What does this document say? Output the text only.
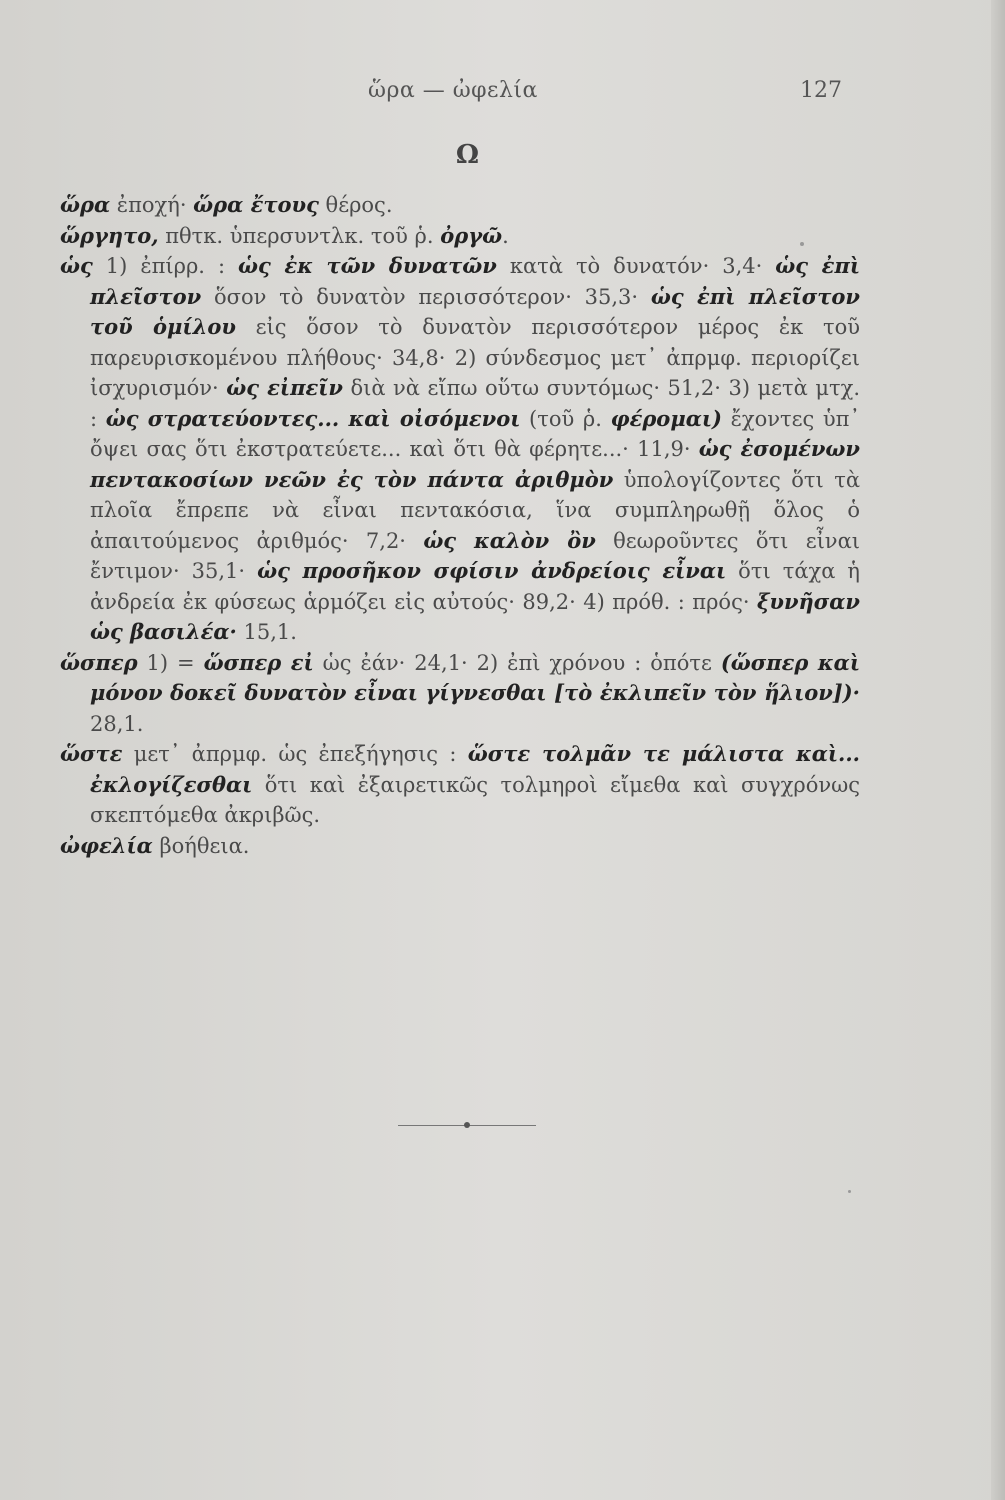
ὥρα — ὠφελία	127
Ω

ὥρα ἐποχή· ὥρα ἔτους θέρος.

ὥργητο, πθτκ. ὑπερσυντλκ. τοῦ ῥ. ὀργῶ.

ὡς 1) ἐπίρρ. : ὡς ἐκ τῶν δυνατῶν κατὰ τὸ δυνατόν· 3,4· ὡς ἐπὶ πλεῖστον ὅσον τὸ δυνατὸν περισσότερον· 35,3· ὡς ἐπὶ πλεῖστον τοῦ ὁμίλου εἰς ὅσον τὸ δυνατὸν περισσότερον μέρος ἐκ τοῦ παρευρισκομένου πλήθους· 34,8· 2) σύνδεσμος μετ᾿ ἀπρμφ. περιορίζει ἰσχυρισμόν· ὡς εἰπεῖν διὰ νὰ εἴπω οὕτω συντόμως· 51,2· 3) μετὰ μτχ. : ὡς στρατεύοντες... καὶ οἰσόμενοι (τοῦ ῥ. φέρομαι) ἔχοντες ὑπ᾿ ὄψει σας ὅτι ἐκστρατεύετε... καὶ ὅτι θὰ φέρητε...· 11,9· ὡς ἐσομένων πεντακοσίων νεῶν ἐς τὸν πάντα ἀριθμὸν ὑπολογίζοντες ὅτι τὰ πλοῖα ἔπρεπε νὰ εἶναι πεντακόσια, ἵνα συμπληρωθῇ ὅλος ὁ ἀπαιτούμενος ἀριθμός· 7,2· ὡς καλὸν ὂν θεωροῦντες ὅτι εἶναι ἔντιμον· 35,1· ὡς προσῆκον σφίσιν ἀνδρείοις εἶναι ὅτι τάχα ἡ ἀνδρεία ἐκ φύσεως ἁρμόζει εἰς αὐτούς· 89,2· 4) πρόθ. : πρός· ξυνῆσαν ὡς βασιλέα· 15,1.

ὥσπερ 1) = ὥσπερ εἰ ὡς ἐάν· 24,1· 2) ἐπὶ χρόνου : ὁπότε (ὥσπερ καὶ μόνον δοκεῖ δυνατὸν εἶναι γίγνεσθαι [τὸ ἐκλιπεῖν τὸν ἥλιον])· 28,1.

ὥστε μετ᾿ ἀπρμφ. ὡς ἐπεξήγησις : ὥστε τολμᾶν τε μάλιστα καὶ... ἐκλογίζεσθαι ὅτι καὶ ἐξαιρετικῶς τολμηροὶ εἴμεθα καὶ συγχρόνως σκεπτόμεθα ἀκριβῶς.

ὠφελία βοήθεια.
